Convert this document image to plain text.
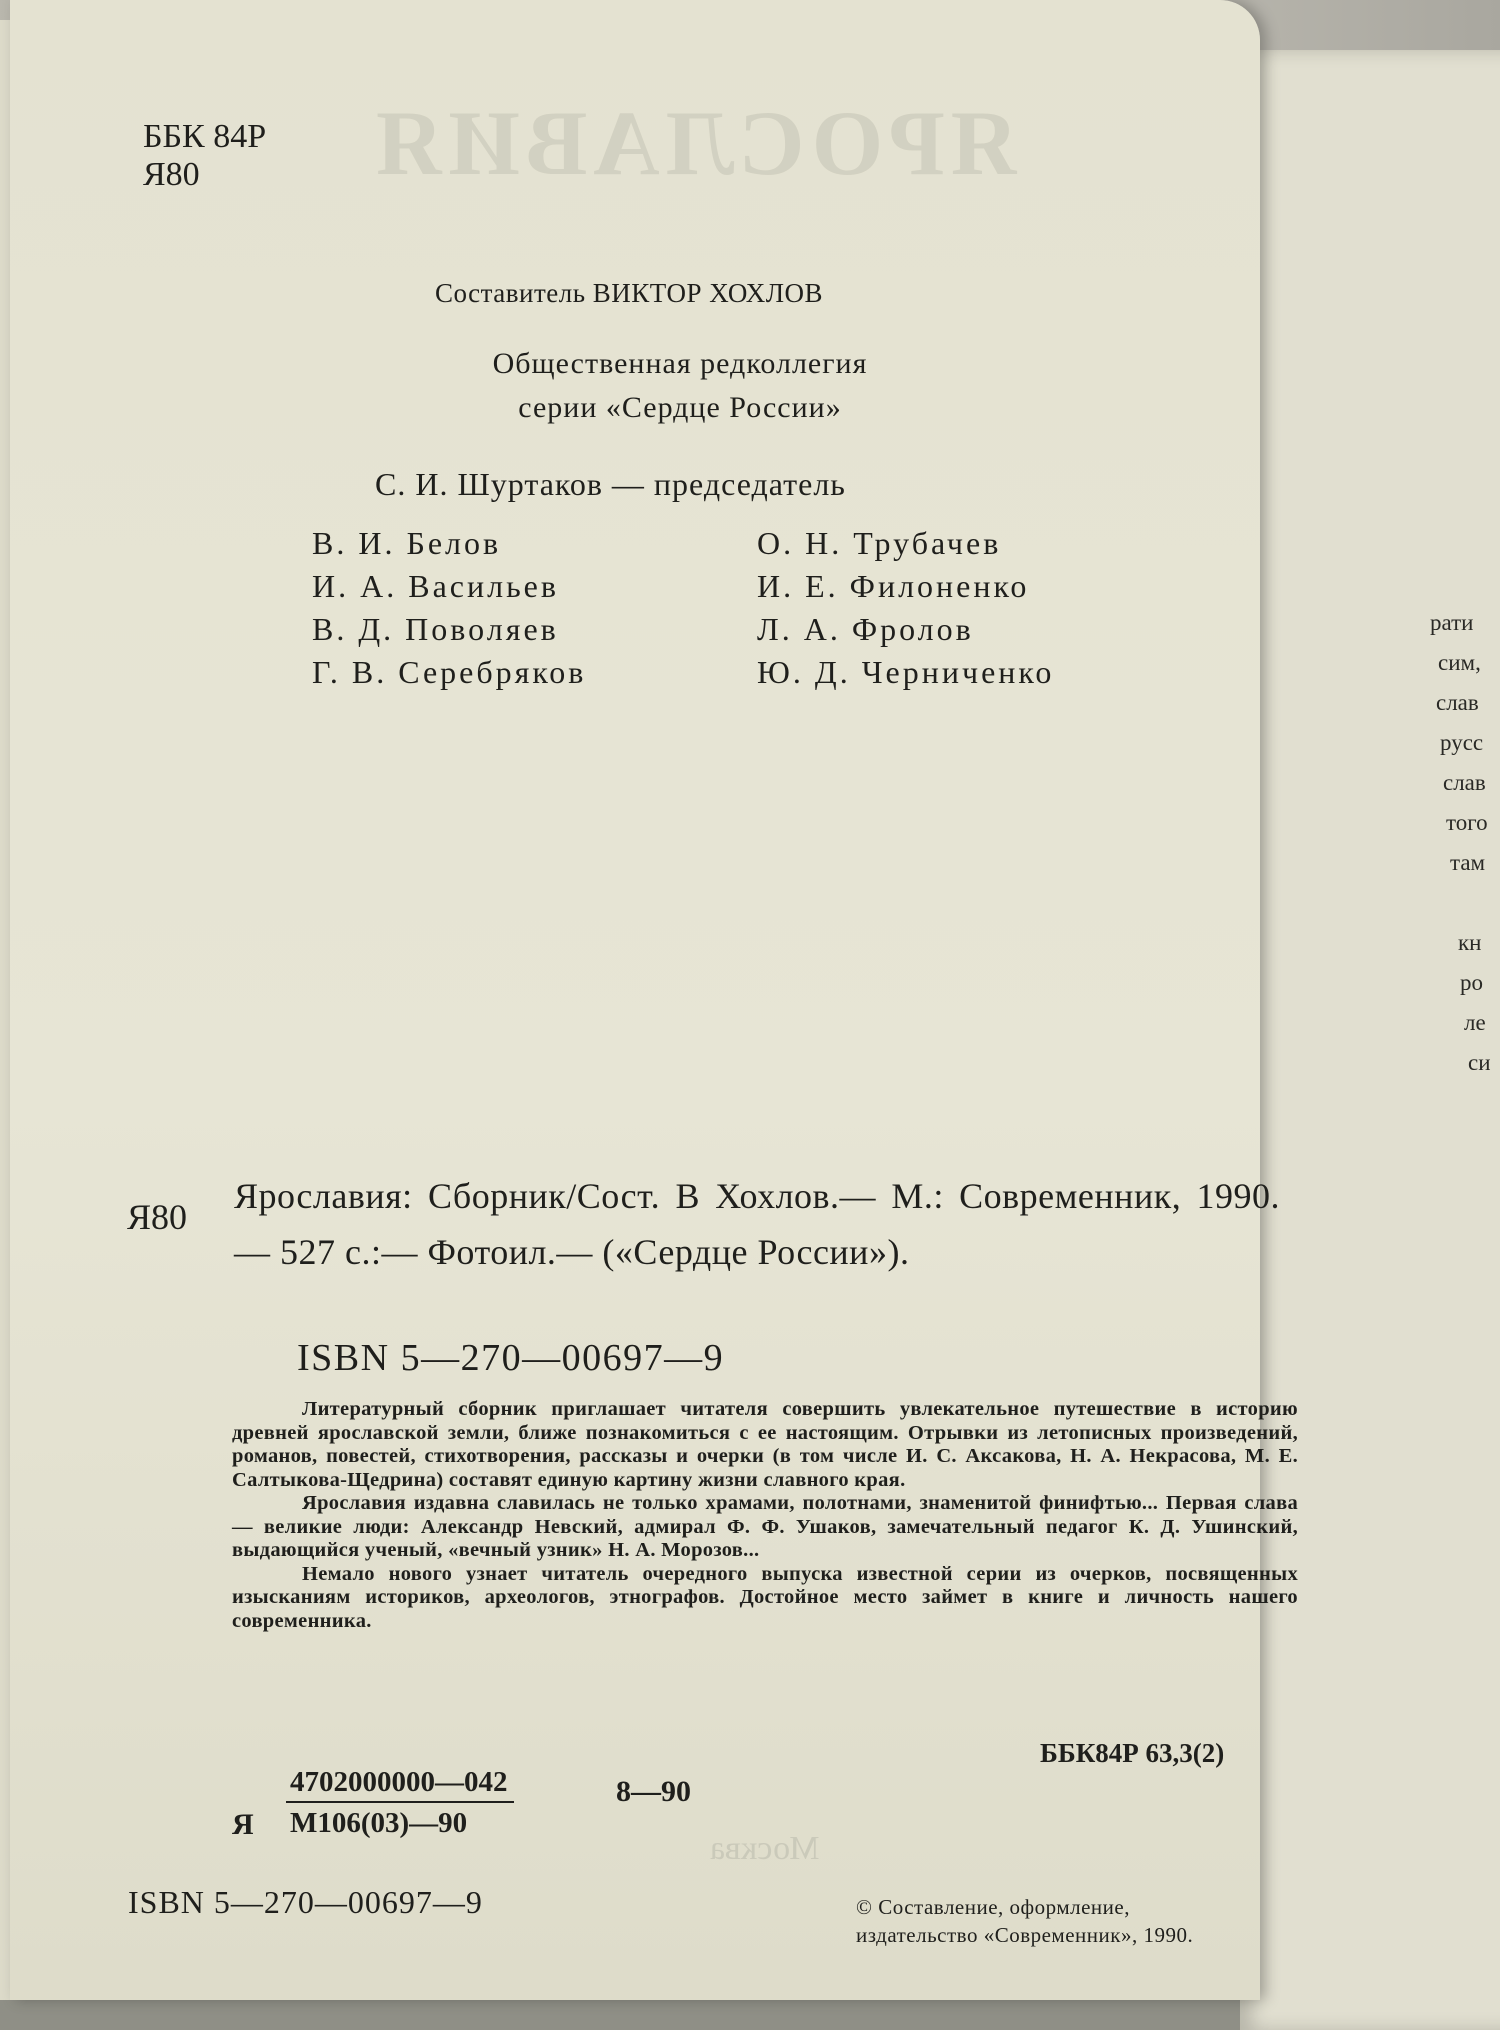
рати
сим,
слав
русс
слав
того
там
кн
ро
ле
си
ЯРОСЛАВИЯ
ББК 84Р
Я80
Составитель ВИКТОР ХОХЛОВ
Общественная редколлегия
серии «Сердце России»
С. И. Шуртаков — председатель
В. И. Белов
И. А. Васильев
В. Д. Поволяев
Г. В. Серебряков
О. Н. Трубачев
И. Е. Филоненко
Л. А. Фролов
Ю. Д. Черниченко
Я80
Ярославия: Сборник/Сост. В Хохлов.— М.: Современник, 1990.— 527 с.:— Фотоил.— («Сердце России»).
ISBN 5—270—00697—9

Литературный сборник приглашает читателя совершить увлекательное путешествие в историю древней ярославской земли, ближе познакомиться с ее настоящим. Отрывки из летописных произведений, романов, повестей, стихотворения, рассказы и очерки (в том числе И. С. Аксакова, Н. А. Некрасова, М. Е. Салтыкова-Щедрина) составят единую картину жизни славного края.

Ярославия издавна славилась не только храмами, полотнами, знаменитой финифтью... Первая слава — великие люди: Александр Невский, адмирал Ф. Ф. Ушаков, замечательный педагог К. Д. Ушинский, выдающийся ученый, «вечный узник» Н. А. Морозов...

Немало нового узнает читатель очередного выпуска известной серии из очерков, посвященных изысканиям историков, археологов, этнографов. Достойное место займет в книге и личность нашего современника.

ББК84Р 63,3(2)
Я
4702000000—042
М106(03)—90
8—90
Москва
ISBN 5—270—00697—9	© Составление, оформление,
издательство «Современник», 1990.
